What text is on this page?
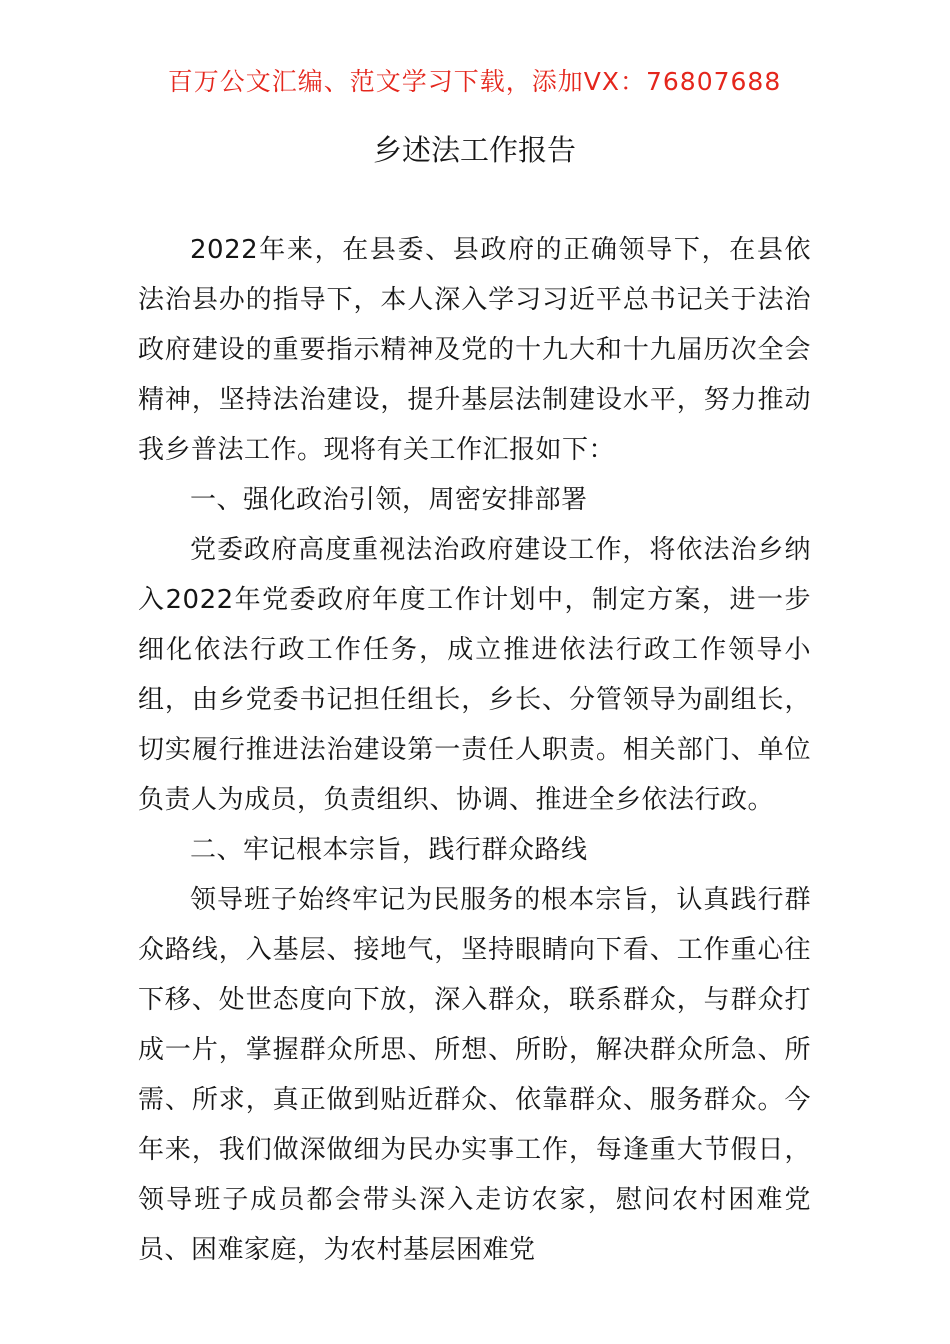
百万公文汇编、范文学习下载，添加VX：76807688
乡述法工作报告

2022年来，在县委、县政府的正确领导下，在县依法治县办的指导下，本人深入学习习近平总书记关于法治政府建设的重要指示精神及党的十九大和十九届历次全会精神，坚持法治建设，提升基层法制建设水平，努力推动我乡普法工作。现将有关工作汇报如下：

一、强化政治引领，周密安排部署

党委政府高度重视法治政府建设工作，将依法治乡纳入2022年党委政府年度工作计划中，制定方案，进一步细化依法行政工作任务，成立推进依法行政工作领导小组，由乡党委书记担任组长，乡长、分管领导为副组长，切实履行推进法治建设第一责任人职责。相关部门、单位负责人为成员，负责组织、协调、推进全乡依法行政。

二、牢记根本宗旨，践行群众路线

领导班子始终牢记为民服务的根本宗旨，认真践行群众路线，入基层、接地气，坚持眼睛向下看、工作重心往下移、处世态度向下放，深入群众，联系群众，与群众打成一片，掌握群众所思、所想、所盼，解决群众所急、所需、所求，真正做到贴近群众、依靠群众、服务群众。今年来，我们做深做细为民办实事工作，每逢重大节假日，领导班子成员都会带头深入走访农家，慰问农村困难党员、困难家庭，为农村基层困难党
